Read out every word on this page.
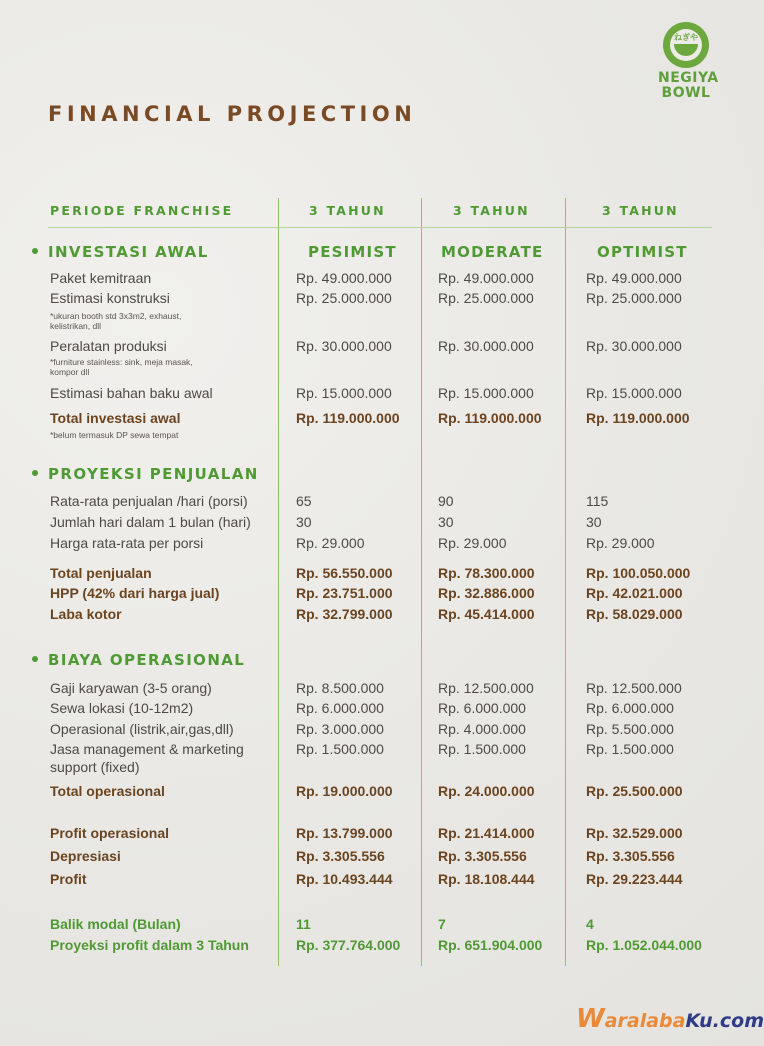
ねぎや
NEGIYA
BOWL
FINANCIAL PROJECTION
PERIODE FRANCHISE	3 TAHUN	3 TAHUN	3 TAHUN
INVESTASI AWAL	PESIMIST	MODERATE	OPTIMIST
Paket kemitraan	Rp. 49.000.000	Rp. 49.000.000	Rp. 49.000.000
Estimasi konstruksi	Rp. 25.000.000	Rp. 25.000.000	Rp. 25.000.000
*ukuran booth std 3x3m2, exhaust,
kelistrikan, dll
Peralatan produksi	Rp. 30.000.000	Rp. 30.000.000	Rp. 30.000.000
*furniture stainless: sink, meja masak,
kompor dll
Estimasi bahan baku awal	Rp. 15.000.000	Rp. 15.000.000	Rp. 15.000.000
Total investasi awal	Rp. 119.000.000	Rp. 119.000.000	Rp. 119.000.000
*belum termasuk DP sewa tempat
PROYEKSI PENJUALAN
Rata-rata penjualan /hari (porsi)	65	90	115
Jumlah hari dalam 1 bulan (hari)	30	30	30
Harga rata-rata per porsi	Rp. 29.000	Rp. 29.000	Rp. 29.000
Total penjualan	Rp. 56.550.000	Rp. 78.300.000	Rp. 100.050.000
HPP (42% dari harga jual)	Rp. 23.751.000	Rp. 32.886.000	Rp. 42.021.000
Laba kotor	Rp. 32.799.000	Rp. 45.414.000	Rp. 58.029.000
BIAYA OPERASIONAL
Gaji karyawan (3-5 orang)	Rp. 8.500.000	Rp. 12.500.000	Rp. 12.500.000
Sewa lokasi (10-12m2)	Rp. 6.000.000	Rp. 6.000.000	Rp. 6.000.000
Operasional (listrik,air,gas,dll)	Rp. 3.000.000	Rp. 4.000.000	Rp. 5.500.000
Jasa management & marketing	Rp. 1.500.000	Rp. 1.500.000	Rp. 1.500.000
support (fixed)
Total operasional	Rp. 19.000.000	Rp. 24.000.000	Rp. 25.500.000
Profit operasional	Rp. 13.799.000	Rp. 21.414.000	Rp. 32.529.000
Depresiasi	Rp. 3.305.556	Rp. 3.305.556	Rp. 3.305.556
Profit	Rp. 10.493.444	Rp. 18.108.444	Rp. 29.223.444
Balik modal (Bulan)	11	7	4
Proyeksi profit dalam 3 Tahun	Rp. 377.764.000	Rp. 651.904.000	Rp. 1.052.044.000
WaralabaKu.com
